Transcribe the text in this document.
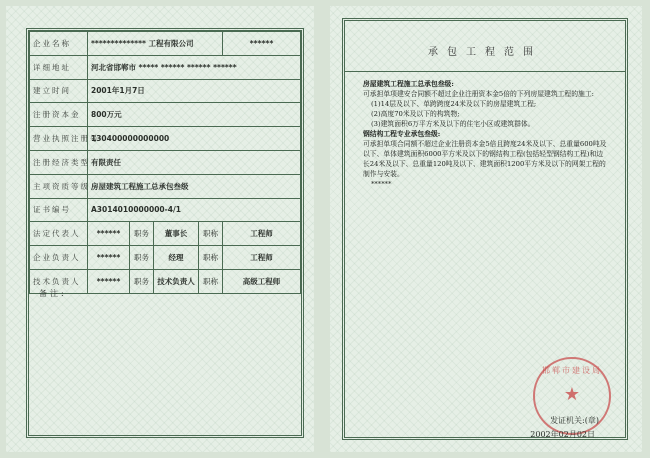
企业名称	************** 工程有限公司				******
详细地址	河北省邯郸市 ***** ****** ****** ******				
建立时间	2001年1月7日				
注册资本金	800万元				
营业执照注册号	130400000000000				
注册经济类型	有限责任				
主项资质等级	房屋建筑工程施工总承包叁级				
证书编号	A3014010000000-4/1				
法定代表人	******	职务	董事长	职称	工程师
企业负责人	******	职务	经理	职称	工程师
技术负责人	******	职务	技术负责人	职称	高级工程师
备注:
承包工程范围

房屋建筑工程施工总承包叁级:

可承担单项建安合同额不超过企业注册资本金5倍的下列房屋建筑工程的施工:

(1)14层及以下、单跨跨度24米及以下的房屋建筑工程;

(2)高度70米及以下的构筑物;

(3)建筑面积6万平方米及以下的住宅小区或建筑群体。

钢结构工程专业承包叁级:

可承担单项合同额不超过企业注册资本金5倍且跨度24米及以下、总重量600吨及以下、单体建筑面积6000平方米及以下的钢结构工程(包括轻型钢结构工程)和边长24米及以下、总重量120吨及以下、建筑面积1200平方米及以下的网架工程的制作与安装。

******

邯郸市建设局
★
发证机关:(章)
2002年02月02日
